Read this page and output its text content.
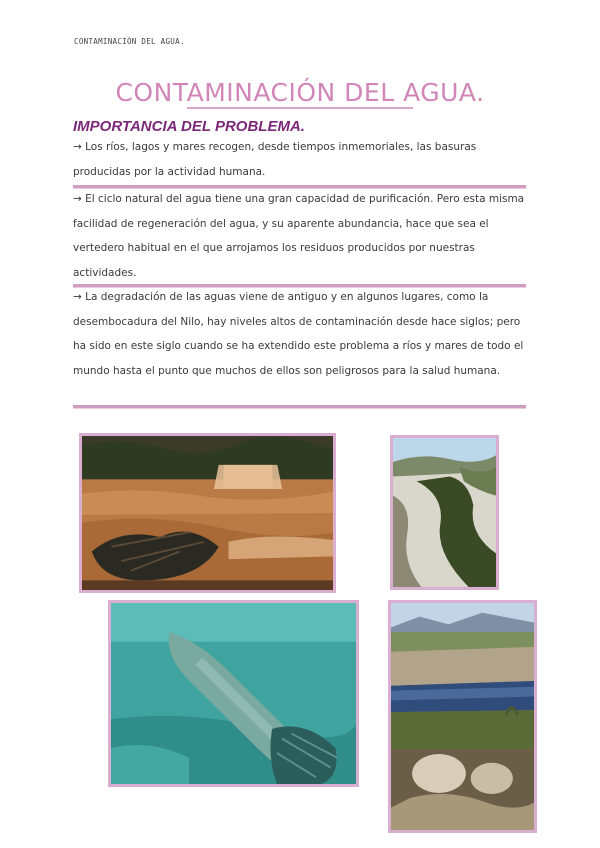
CONTAMINACIÓN DEL AGUA.
CONTAMINACIÓN DEL AGUA.
IMPORTANCIA DEL PROBLEMA.
→ Los ríos, lagos y mares recogen, desde tiempos inmemoriales, las basuras producidas por la actividad humana.
→ El ciclo natural del agua tiene una gran capacidad de purificación. Pero esta misma facilidad de regeneración del agua, y su aparente abundancia, hace que sea el vertedero habitual en el que arrojamos los residuos producidos por nuestras actividades.
→ La degradación de las aguas viene de antiguo y en algunos lugares, como la desembocadura del Nilo, hay niveles altos de contaminación desde hace siglos; pero ha sido en este siglo cuando se ha extendido este problema a ríos y mares de todo el mundo hasta el punto que muchos de ellos son peligrosos para la salud humana.
